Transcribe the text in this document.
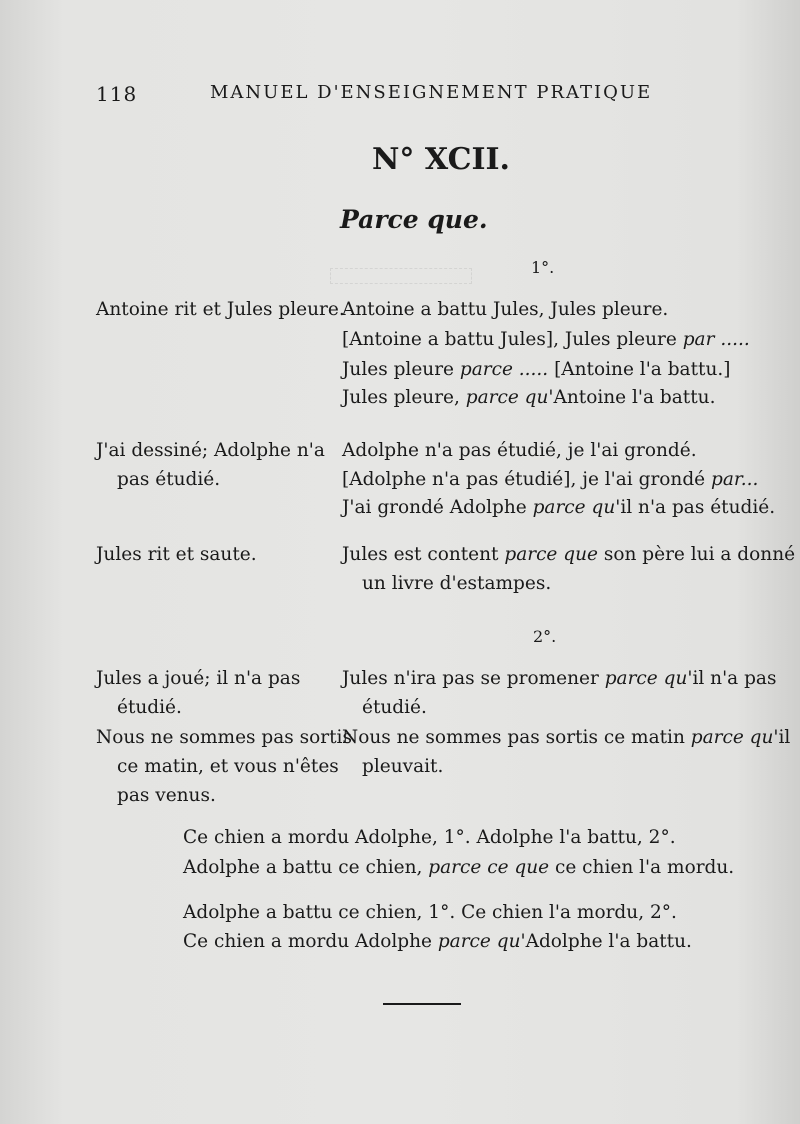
118	MANUEL D'ENSEIGNEMENT PRATIQUE
N° XCII.
Parce que.
1°.
Antoine rit et Jules pleure.
Antoine a battu Jules, Jules pleure.
[Antoine a battu Jules], Jules pleure par .....
Jules pleure parce ..... [Antoine l'a battu.]
Jules pleure, parce qu'Antoine l'a battu.
J'ai dessiné; Adolphe n'a
pas étudié.
Adolphe n'a pas étudié, je l'ai grondé.
[Adolphe n'a pas étudié], je l'ai grondé par...
J'ai grondé Adolphe parce qu'il n'a pas étudié.
Jules rit et saute.	Jules est content parce que son père lui a donné
un livre d'estampes.
2°.
Jules a joué; il n'a pas
étudié.
Jules n'ira pas se promener parce qu'il n'a pas
étudié.
Nous ne sommes pas sortis
ce matin, et vous n'êtes
pas venus.
Nous ne sommes pas sortis ce matin parce qu'il
pleuvait.
Ce chien a mordu Adolphe, 1°. Adolphe l'a battu, 2°.
Adolphe a battu ce chien, parce ce que ce chien l'a mordu.
Adolphe a battu ce chien, 1°. Ce chien l'a mordu, 2°.
Ce chien a mordu Adolphe parce qu'Adolphe l'a battu.
